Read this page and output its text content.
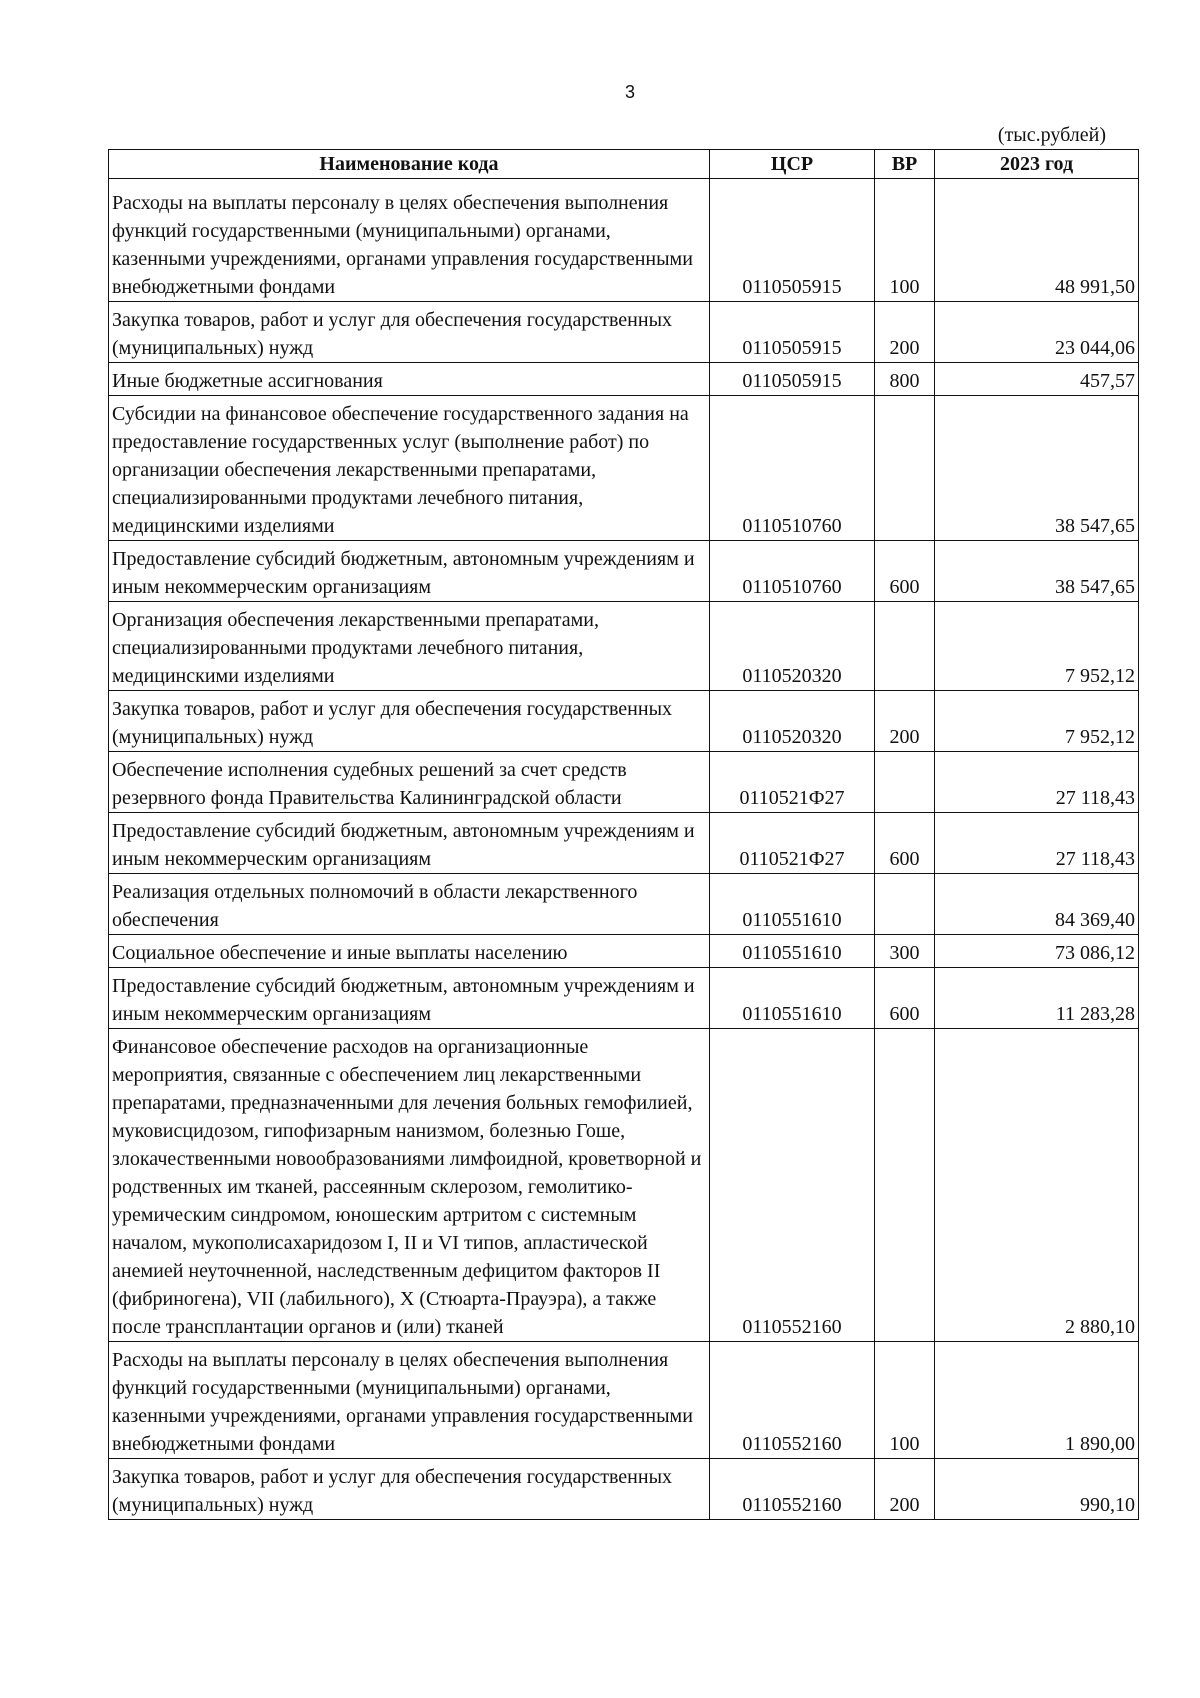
3
(тыс.рублей)
Наименование кода	ЦСР	ВР	2023 год
Расходы на выплаты персоналу в целях обеспечения выполнения функций государственными (муниципальными) органами, казенными учреждениями, органами управления государственными внебюджетными фондами	0110505915	100	48 991,50
Закупка товаров, работ и услуг для обеспечения государственных (муниципальных) нужд	0110505915	200	23 044,06
Иные бюджетные ассигнования	0110505915	800	457,57
Субсидии на финансовое обеспечение государственного задания на предоставление государственных услуг (выполнение работ) по организации обеспечения лекарственными препаратами, специализированными продуктами лечебного питания, медицинскими изделиями	0110510760		38 547,65
Предоставление субсидий бюджетным, автономным учреждениям и иным некоммерческим организациям	0110510760	600	38 547,65
Организация обеспечения лекарственными препаратами, специализированными продуктами лечебного питания, медицинскими изделиями	0110520320		7 952,12
Закупка товаров, работ и услуг для обеспечения государственных (муниципальных) нужд	0110520320	200	7 952,12
Обеспечение исполнения судебных решений за счет средств резервного фонда Правительства Калининградской области	0110521Ф27		27 118,43
Предоставление субсидий бюджетным, автономным учреждениям и иным некоммерческим организациям	0110521Ф27	600	27 118,43
Реализация отдельных полномочий в области лекарственного обеспечения	0110551610		84 369,40
Социальное обеспечение и иные выплаты населению	0110551610	300	73 086,12
Предоставление субсидий бюджетным, автономным учреждениям и иным некоммерческим организациям	0110551610	600	11 283,28
Финансовое обеспечение расходов на организационные мероприятия, связанные с обеспечением лиц лекарственными препаратами, предназначенными для лечения больных гемофилией, муковисцидозом, гипофизарным нанизмом, болезнью Гоше, злокачественными новообразованиями лимфоидной, кроветворной и родственных им тканей, рассеянным склерозом, гемолитико-уремическим синдромом, юношеским артритом с системным началом, мукополисахаридозом I, II и VI типов, апластической анемией неуточненной, наследственным дефицитом факторов II (фибриногена), VII (лабильного), X (Стюарта-Прауэра), а также после трансплантации органов и (или) тканей	0110552160		2 880,10
Расходы на выплаты персоналу в целях обеспечения выполнения функций государственными (муниципальными) органами, казенными учреждениями, органами управления государственными внебюджетными фондами	0110552160	100	1 890,00
Закупка товаров, работ и услуг для обеспечения государственных (муниципальных) нужд	0110552160	200	990,10
